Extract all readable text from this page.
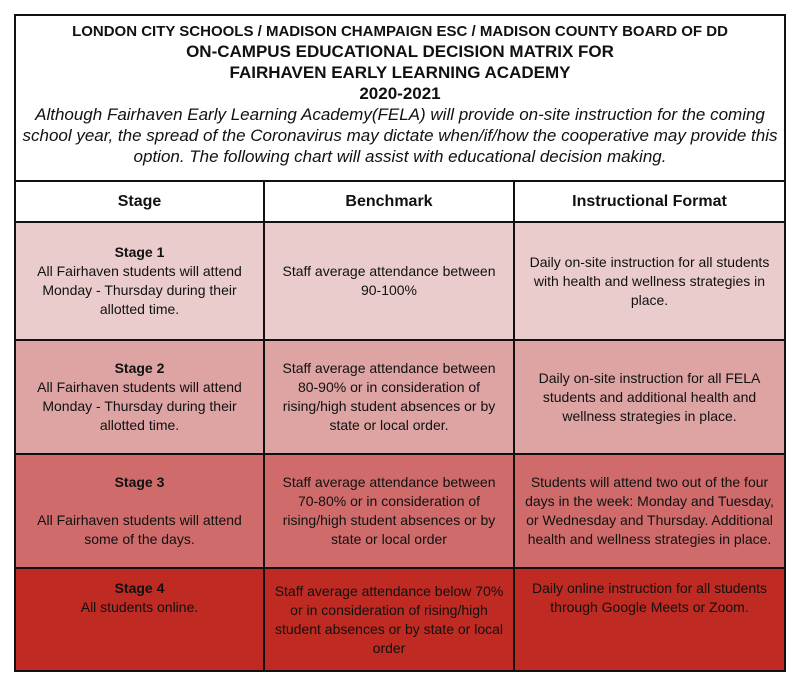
LONDON CITY SCHOOLS / MADISON CHAMPAIGN ESC / MADISON COUNTY BOARD OF DD
ON-CAMPUS EDUCATIONAL DECISION MATRIX FOR
FAIRHAVEN EARLY LEARNING ACADEMY
2020-2021
Although Fairhaven Early Learning Academy(FELA) will provide on-site instruction for the coming school year, the spread of the Coronavirus may dictate when/if/how the cooperative may provide this option. The following chart will assist with educational decision making.
Stage	Benchmark	Instructional Format

Stage 1
All Fairhaven students will attend Monday - Thursday during their allotted time.	Staff average attendance between 90-100%	Daily on-site instruction for all students with health and wellness strategies in place.

Stage 2
All Fairhaven students will attend Monday - Thursday during their allotted time.	Staff average attendance between 80-90% or in consideration of rising/high student absences or by state or local order.	Daily on-site instruction for all FELA students and additional health and wellness strategies in place.

Stage 3

All Fairhaven students will attend some of the days.	Staff average attendance between 70-80% or in consideration of rising/high student absences or by state or local order	Students will attend two out of the four days in the week: Monday and Tuesday, or Wednesday and Thursday. Additional health and wellness strategies in place.

Stage 4
All students online.	Staff average attendance below 70% or in consideration of rising/high student absences or by state or local order	Daily online instruction for all students through Google Meets or Zoom.
